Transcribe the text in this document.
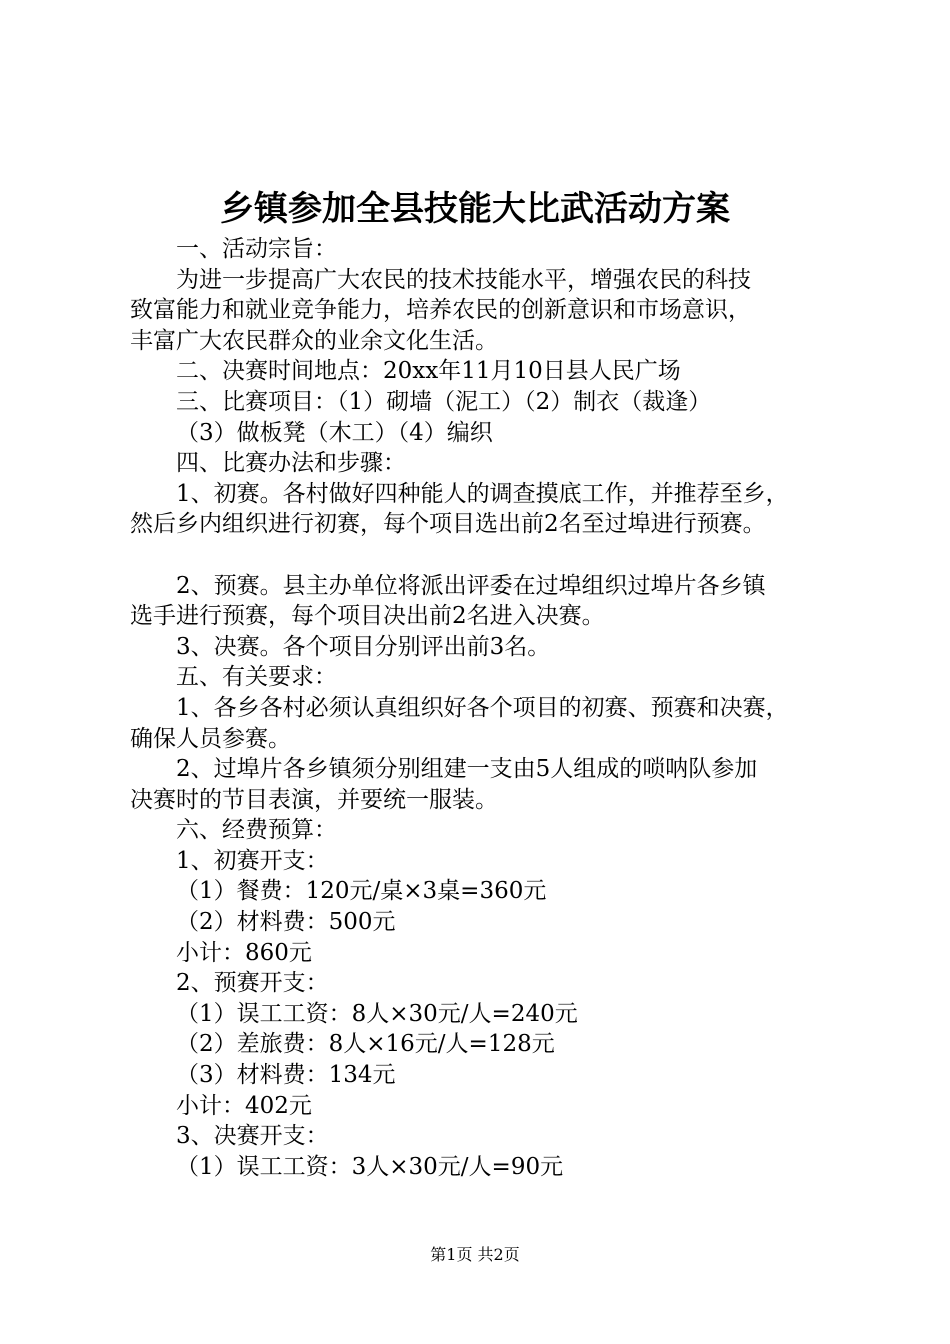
乡镇参加全县技能大比武活动方案
一、活动宗旨：
为进一步提高广大农民的技术技能水平，增强农民的科技
致富能力和就业竞争能力，培养农民的创新意识和市场意识，
丰富广大农民群众的业余文化生活。
二、决赛时间地点：20xx年11月10日县人民广场
三、比赛项目：（1）砌墙（泥工）（2）制衣（裁逢）
（3）做板凳（木工）（4）编织
四、比赛办法和步骤：
1、初赛。各村做好四种能人的调查摸底工作，并推荐至乡，
然后乡内组织进行初赛，每个项目选出前2名至过埠进行预赛。
2、预赛。县主办单位将派出评委在过埠组织过埠片各乡镇
选手进行预赛，每个项目决出前2名进入决赛。
3、决赛。各个项目分别评出前3名。
五、有关要求：
1、各乡各村必须认真组织好各个项目的初赛、预赛和决赛，
确保人员参赛。
2、过埠片各乡镇须分别组建一支由5人组成的唢呐队参加
决赛时的节目表演，并要统一服装。
六、经费预算：
1、初赛开支：
（1）餐费：120元/桌×3桌=360元
（2）材料费：500元
小计：860元
2、预赛开支：
（1）误工工资：8人×30元/人=240元
（2）差旅费：8人×16元/人=128元
（3）材料费：134元
小计：402元
3、决赛开支：
（1）误工工资：3人×30元/人=90元
第1页 共2页
